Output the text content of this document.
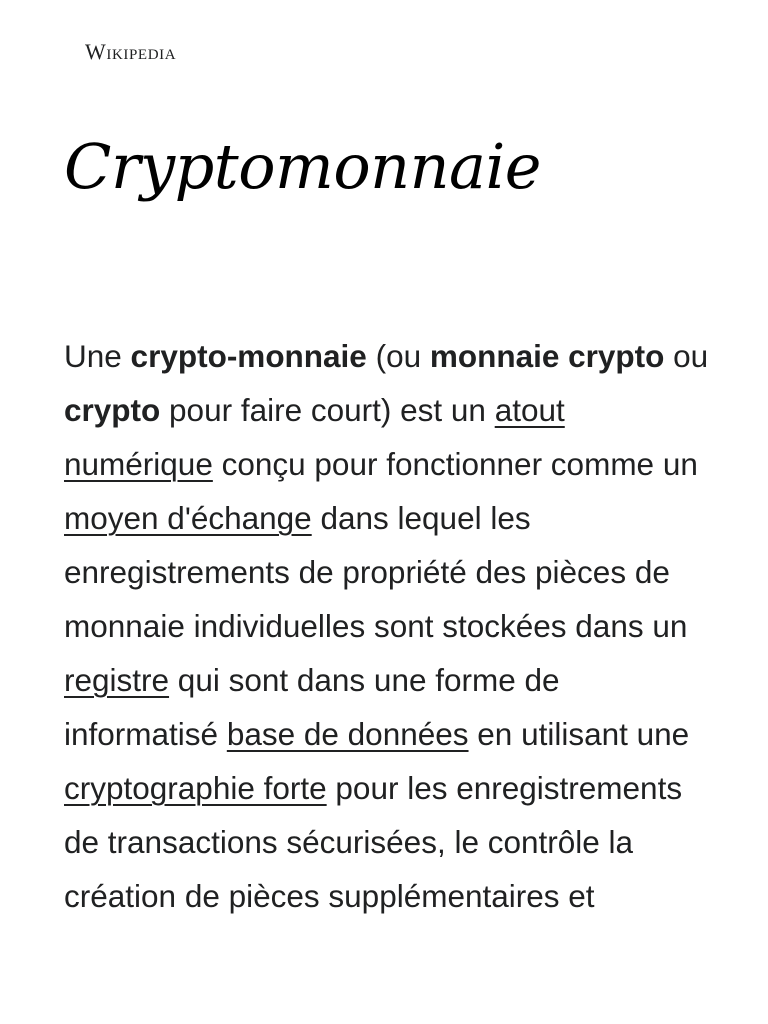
Wikipedia
Cryptomonnaie

Une crypto-monnaie (ou monnaie crypto ou crypto pour faire court) est un atout numérique conçu pour fonctionner comme un moyen d'échange dans lequel les enregistrements de propriété des pièces de monnaie individuelles sont stockées dans un registre qui sont dans une forme de informatisé base de données en utilisant une cryptographie forte pour les enregistrements de transactions sécurisées, le contrôle la création de pièces supplémentaires et
